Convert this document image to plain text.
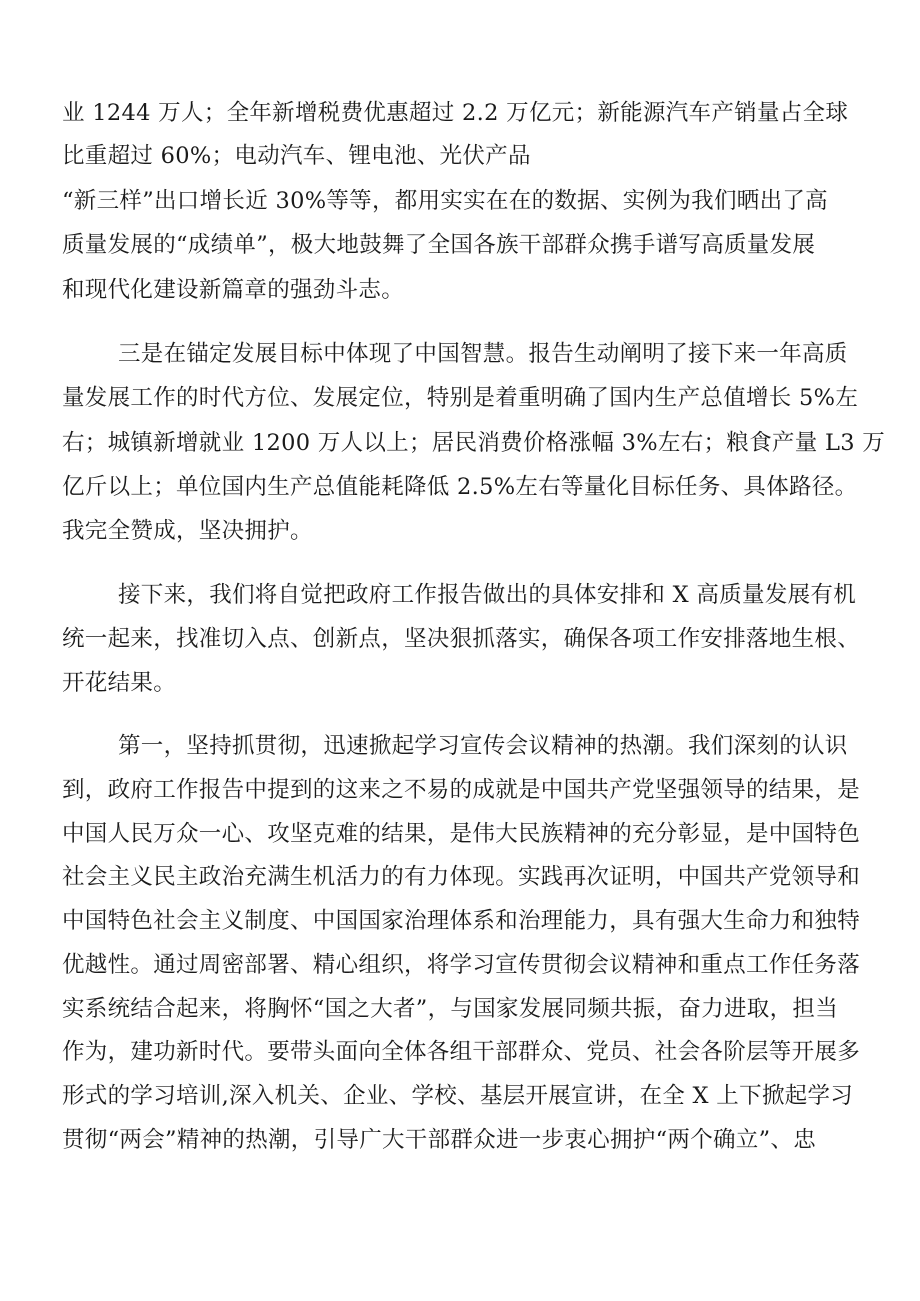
业 1244 万人；全年新增税费优惠超过 2.2 万亿元；新能源汽车产销量占全球
比重超过 60%；电动汽车、锂电池、光伏产品
“新三样”出口增长近 30%等等，都用实实在在的数据、实例为我们晒出了高
质量发展的“成绩单”，极大地鼓舞了全国各族干部群众携手谱写高质量发展
和现代化建设新篇章的强劲斗志。
三是在锚定发展目标中体现了中国智慧。报告生动阐明了接下来一年高质
量发展工作的时代方位、发展定位，特别是着重明确了国内生产总值增长 5%左
右；城镇新增就业 1200 万人以上；居民消费价格涨幅 3%左右；粮食产量 L3 万
亿斤以上；单位国内生产总值能耗降低 2.5%左右等量化目标任务、具体路径。
我完全赞成，坚决拥护。
接下来，我们将自觉把政府工作报告做出的具体安排和 X 高质量发展有机
统一起来，找准切入点、创新点，坚决狠抓落实，确保各项工作安排落地生根、
开花结果。
第一，坚持抓贯彻，迅速掀起学习宣传会议精神的热潮。我们深刻的认识
到，政府工作报告中提到的这来之不易的成就是中国共产党坚强领导的结果，是
中国人民万众一心、攻坚克难的结果，是伟大民族精神的充分彰显，是中国特色
社会主义民主政治充满生机活力的有力体现。实践再次证明，中国共产党领导和
中国特色社会主义制度、中国国家治理体系和治理能力，具有强大生命力和独特
优越性。通过周密部署、精心组织，将学习宣传贯彻会议精神和重点工作任务落
实系统结合起来，将胸怀“国之大者”，与国家发展同频共振，奋力进取，担当
作为，建功新时代。要带头面向全体各组干部群众、党员、社会各阶层等开展多
形式的学习培训,深入机关、企业、学校、基层开展宣讲，在全 X 上下掀起学习
贯彻“两会”精神的热潮，引导广大干部群众进一步衷心拥护“两个确立”、忠
